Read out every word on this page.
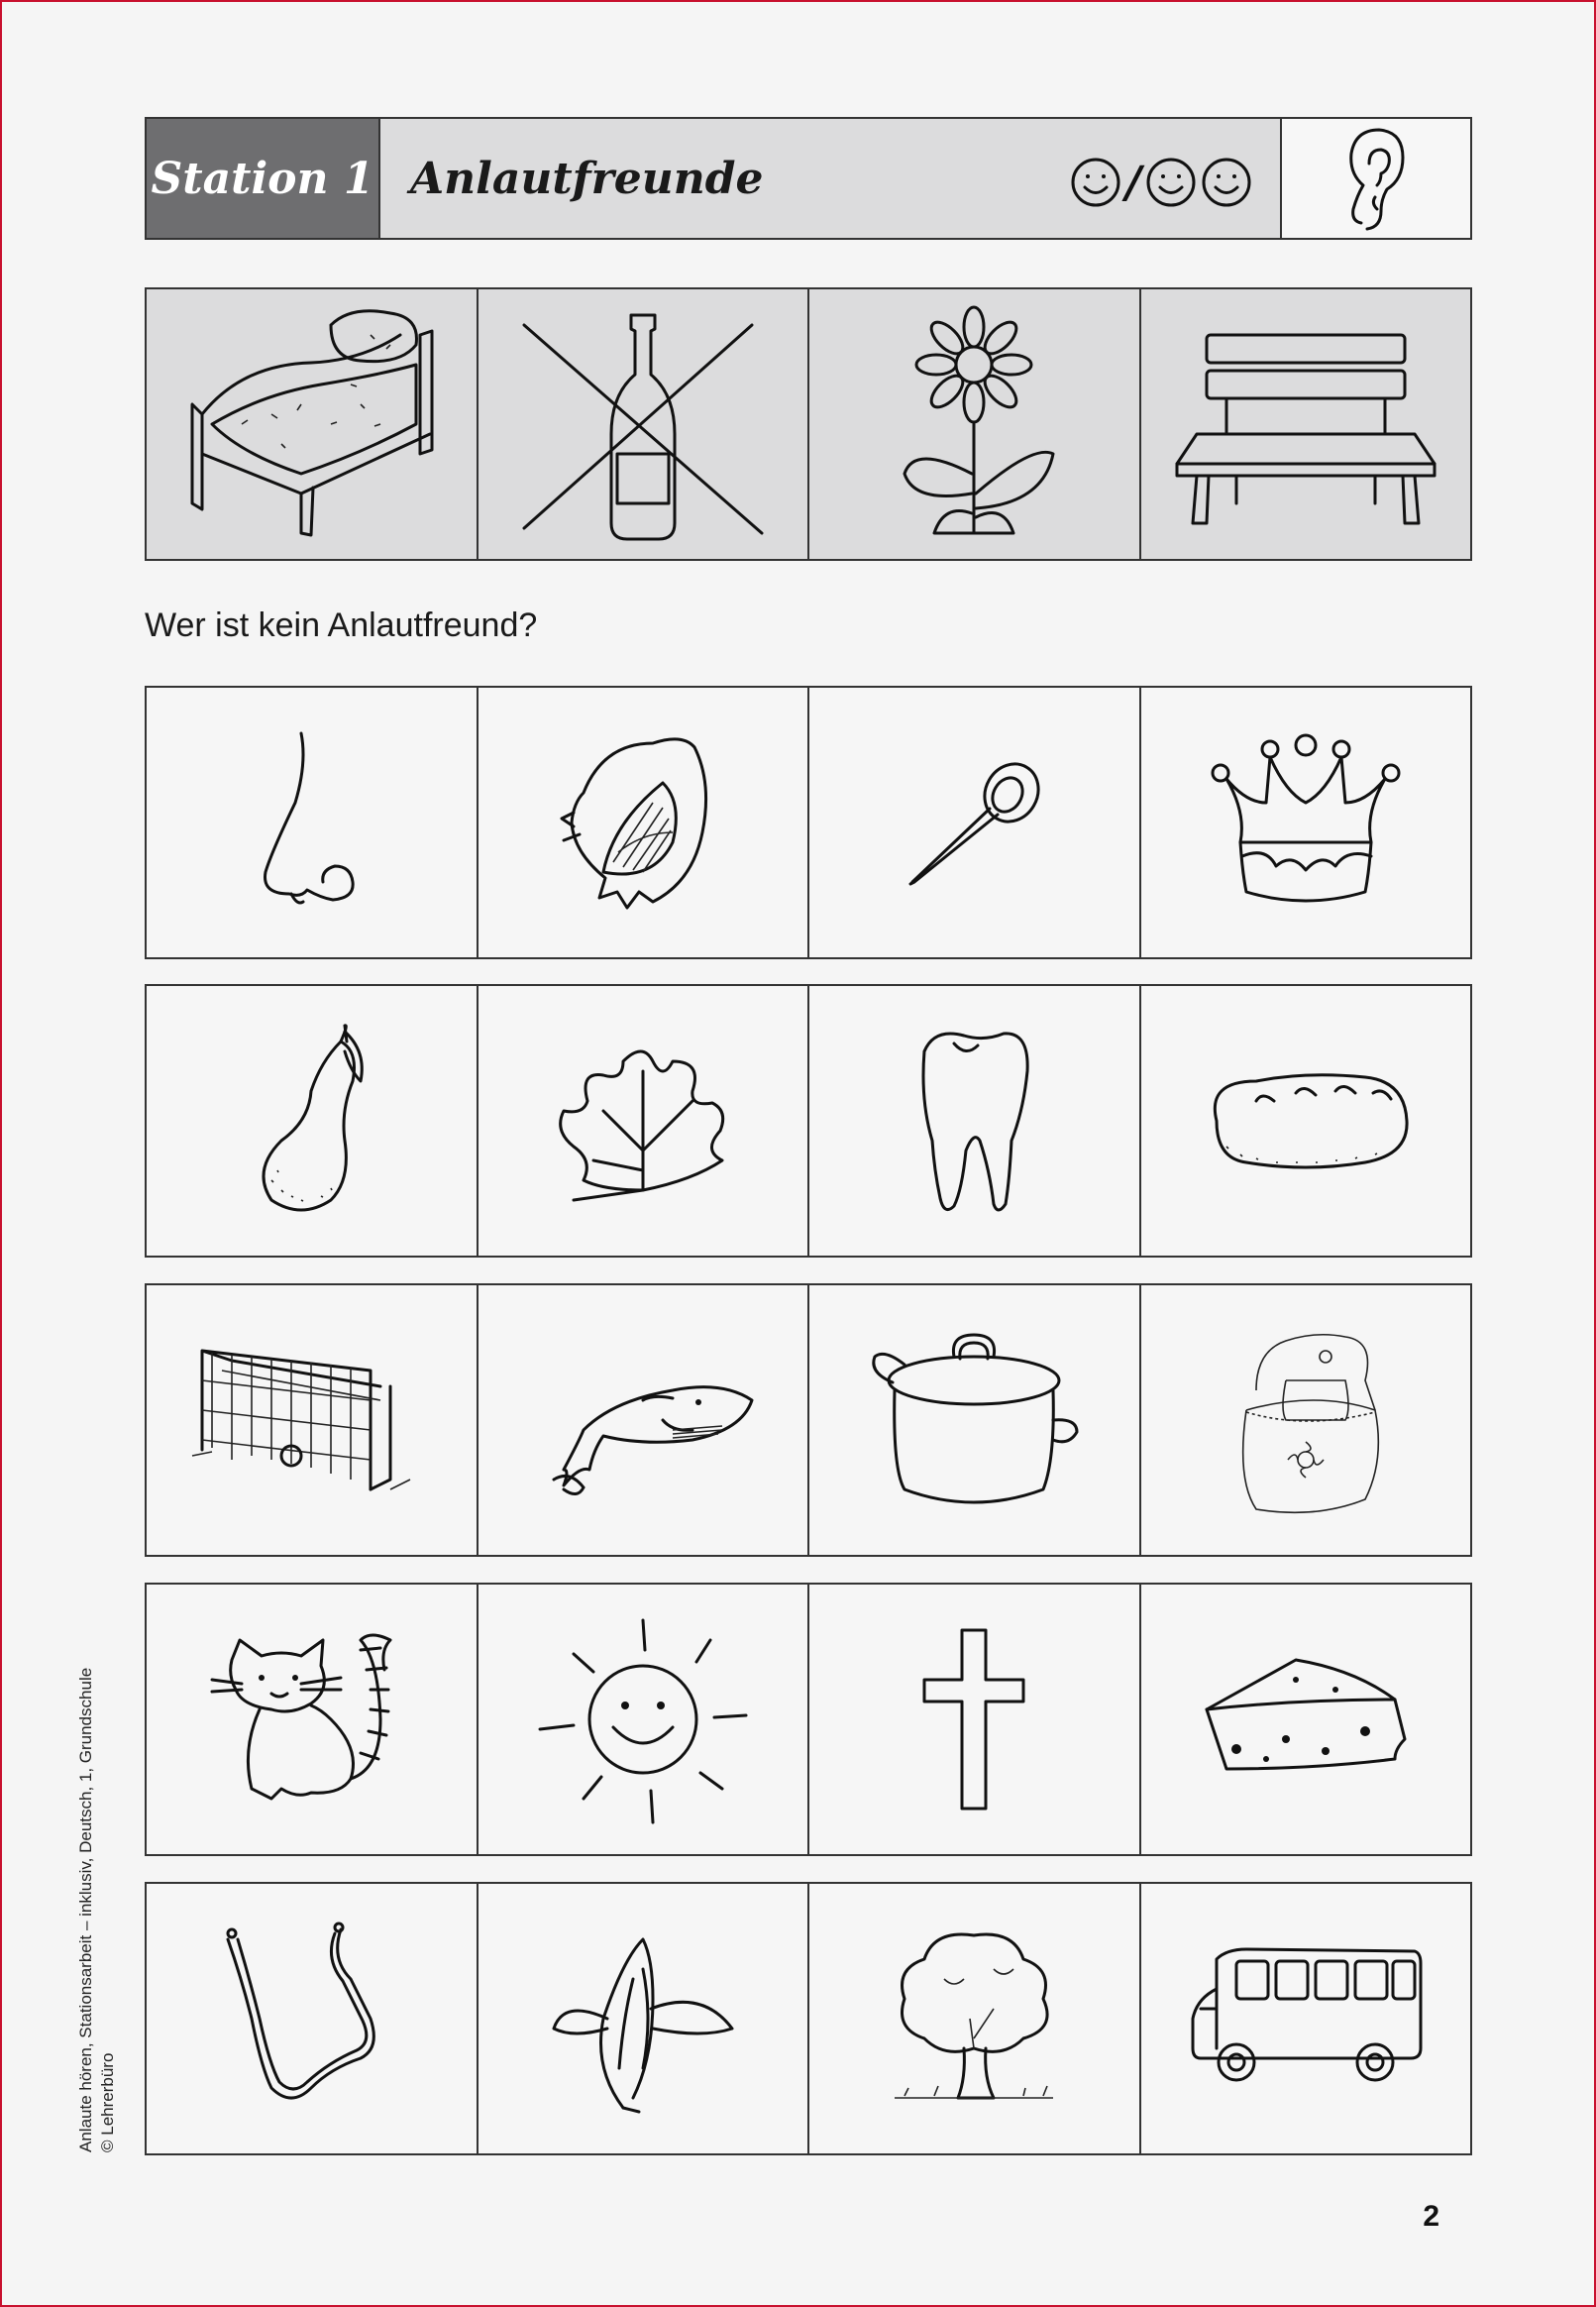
Station 1 Anlautfreunde	/
Wer ist kein Anlautfreund?
Anlaute hören, Stationsarbeit – inklusiv, Deutsch, 1, Grundschule © Lehrerbüro
2
